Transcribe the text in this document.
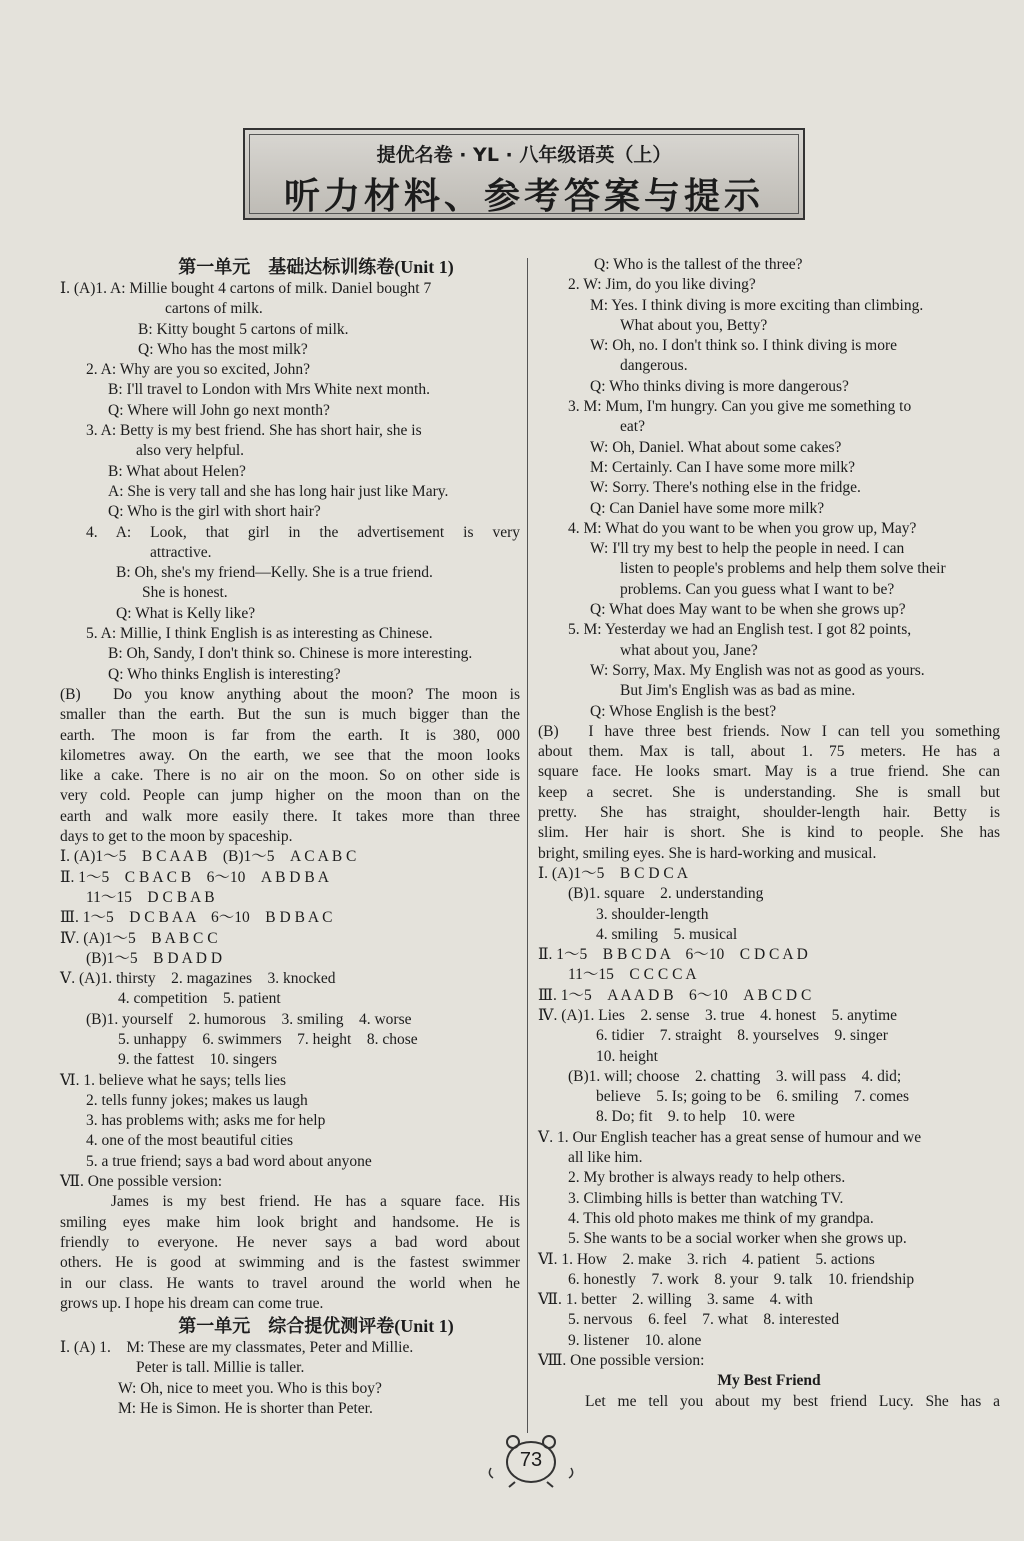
提优名卷 · YL · 八年级语英（上）
听力材料、参考答案与提示
第一单元　基础达标训练卷(Unit 1)
Ⅰ. (A)1. A: Millie bought 4 cartons of milk. Daniel bought 7
cartons of milk.
B: Kitty bought 5 cartons of milk.
Q: Who has the most milk?
2. A: Why are you so excited, John?
B: I'll travel to London with Mrs White next month.
Q: Where will John go next month?
3. A: Betty is my best friend. She has short hair, she is
also very helpful.
B: What about Helen?
A: She is very tall and she has long hair just like Mary.
Q: Who is the girl with short hair?
4. A: Look, that girl in the advertisement is very
attractive.
B: Oh, she's my friend—Kelly. She is a true friend.
She is honest.
Q: What is Kelly like?
5. A: Millie, I think English is as interesting as Chinese.
B: Oh, Sandy, I don't think so. Chinese is more interesting.
Q: Who thinks English is interesting?
(B)　Do you know anything about the moon? The moon is
smaller than the earth. But the sun is much bigger than the
earth. The moon is far from the earth. It is 380, 000
kilometres away. On the earth, we see that the moon looks
like a cake. There is no air on the moon. So on other side is
very cold. People can jump higher on the moon than on the
earth and walk more easily there. It takes more than three
days to get to the moon by spaceship.
Ⅰ. (A)1～5　B C A A B　(B)1～5　A C A B C
Ⅱ. 1～5　C B A C B　6～10　A B D B A
11～15　D C B A B
Ⅲ. 1～5　D C B A A　6～10　B D B A C
Ⅳ. (A)1～5　B A B C C
(B)1～5　B D A D D
Ⅴ. (A)1. thirsty　2. magazines　3. knocked
4. competition　5. patient
(B)1. yourself　2. humorous　3. smiling　4. worse
5. unhappy　6. swimmers　7. height　8. chose
9. the fattest　10. singers
Ⅵ. 1. believe what he says; tells lies
2. tells funny jokes; makes us laugh
3. has problems with; asks me for help
4. one of the most beautiful cities
5. a true friend; says a bad word about anyone
Ⅶ. One possible version:
　　James is my best friend. He has a square face. His
smiling eyes make him look bright and handsome. He is
friendly to everyone. He never says a bad word about
others. He is good at swimming and is the fastest swimmer
in our class. He wants to travel around the world when he
grows up. I hope his dream can come true.
第一单元　综合提优测评卷(Unit 1)
Ⅰ. (A) 1.　M: These are my classmates, Peter and Millie.
Peter is tall. Millie is taller.
W: Oh, nice to meet you. Who is this boy?
M: He is Simon. He is shorter than Peter.
Q: Who is the tallest of the three?
2. W: Jim, do you like diving?
M: Yes. I think diving is more exciting than climbing.
What about you, Betty?
W: Oh, no. I don't think so. I think diving is more
dangerous.
Q: Who thinks diving is more dangerous?
3. M: Mum, I'm hungry. Can you give me something to
eat?
W: Oh, Daniel. What about some cakes?
M: Certainly. Can I have some more milk?
W: Sorry. There's nothing else in the fridge.
Q: Can Daniel have some more milk?
4. M: What do you want to be when you grow up, May?
W: I'll try my best to help the people in need. I can
listen to people's problems and help them solve their
problems. Can you guess what I want to be?
Q: What does May want to be when she grows up?
5. M: Yesterday we had an English test. I got 82 points,
what about you, Jane?
W: Sorry, Max. My English was not as good as yours.
But Jim's English was as bad as mine.
Q: Whose English is the best?
(B)　I have three best friends. Now I can tell you something
about them. Max is tall, about 1. 75 meters. He has a
square face. He looks smart. May is a true friend. She can
keep a secret. She is understanding. She is small but
pretty. She has straight, shoulder-length hair. Betty is
slim. Her hair is short. She is kind to people. She has
bright, smiling eyes. She is hard-working and musical.
Ⅰ. (A)1～5　B C D C A
(B)1. square　2. understanding
3. shoulder-length
4. smiling　5. musical
Ⅱ. 1～5　B B C D A　6～10　C D C A D
11～15　C C C C A
Ⅲ. 1～5　A A A D B　6～10　A B C D C
Ⅳ. (A)1. Lies　2. sense　3. true　4. honest　5. anytime
6. tidier　7. straight　8. yourselves　9. singer
10. height
(B)1. will; choose　2. chatting　3. will pass　4. did;
believe　5. Is; going to be　6. smiling　7. comes
8. Do; fit　9. to help　10. were
Ⅴ. 1. Our English teacher has a great sense of humour and we
all like him.
2. My brother is always ready to help others.
3. Climbing hills is better than watching TV.
4. This old photo makes me think of my grandpa.
5. She wants to be a social worker when she grows up.
Ⅵ. 1. How　2. make　3. rich　4. patient　5. actions
6. honestly　7. work　8. your　9. talk　10. friendship
Ⅶ. 1. better　2. willing　3. same　4. with
5. nervous　6. feel　7. what　8. interested
9. listener　10. alone
Ⅷ. One possible version:
My Best Friend
　　Let me tell you about my best friend Lucy. She has a
73
